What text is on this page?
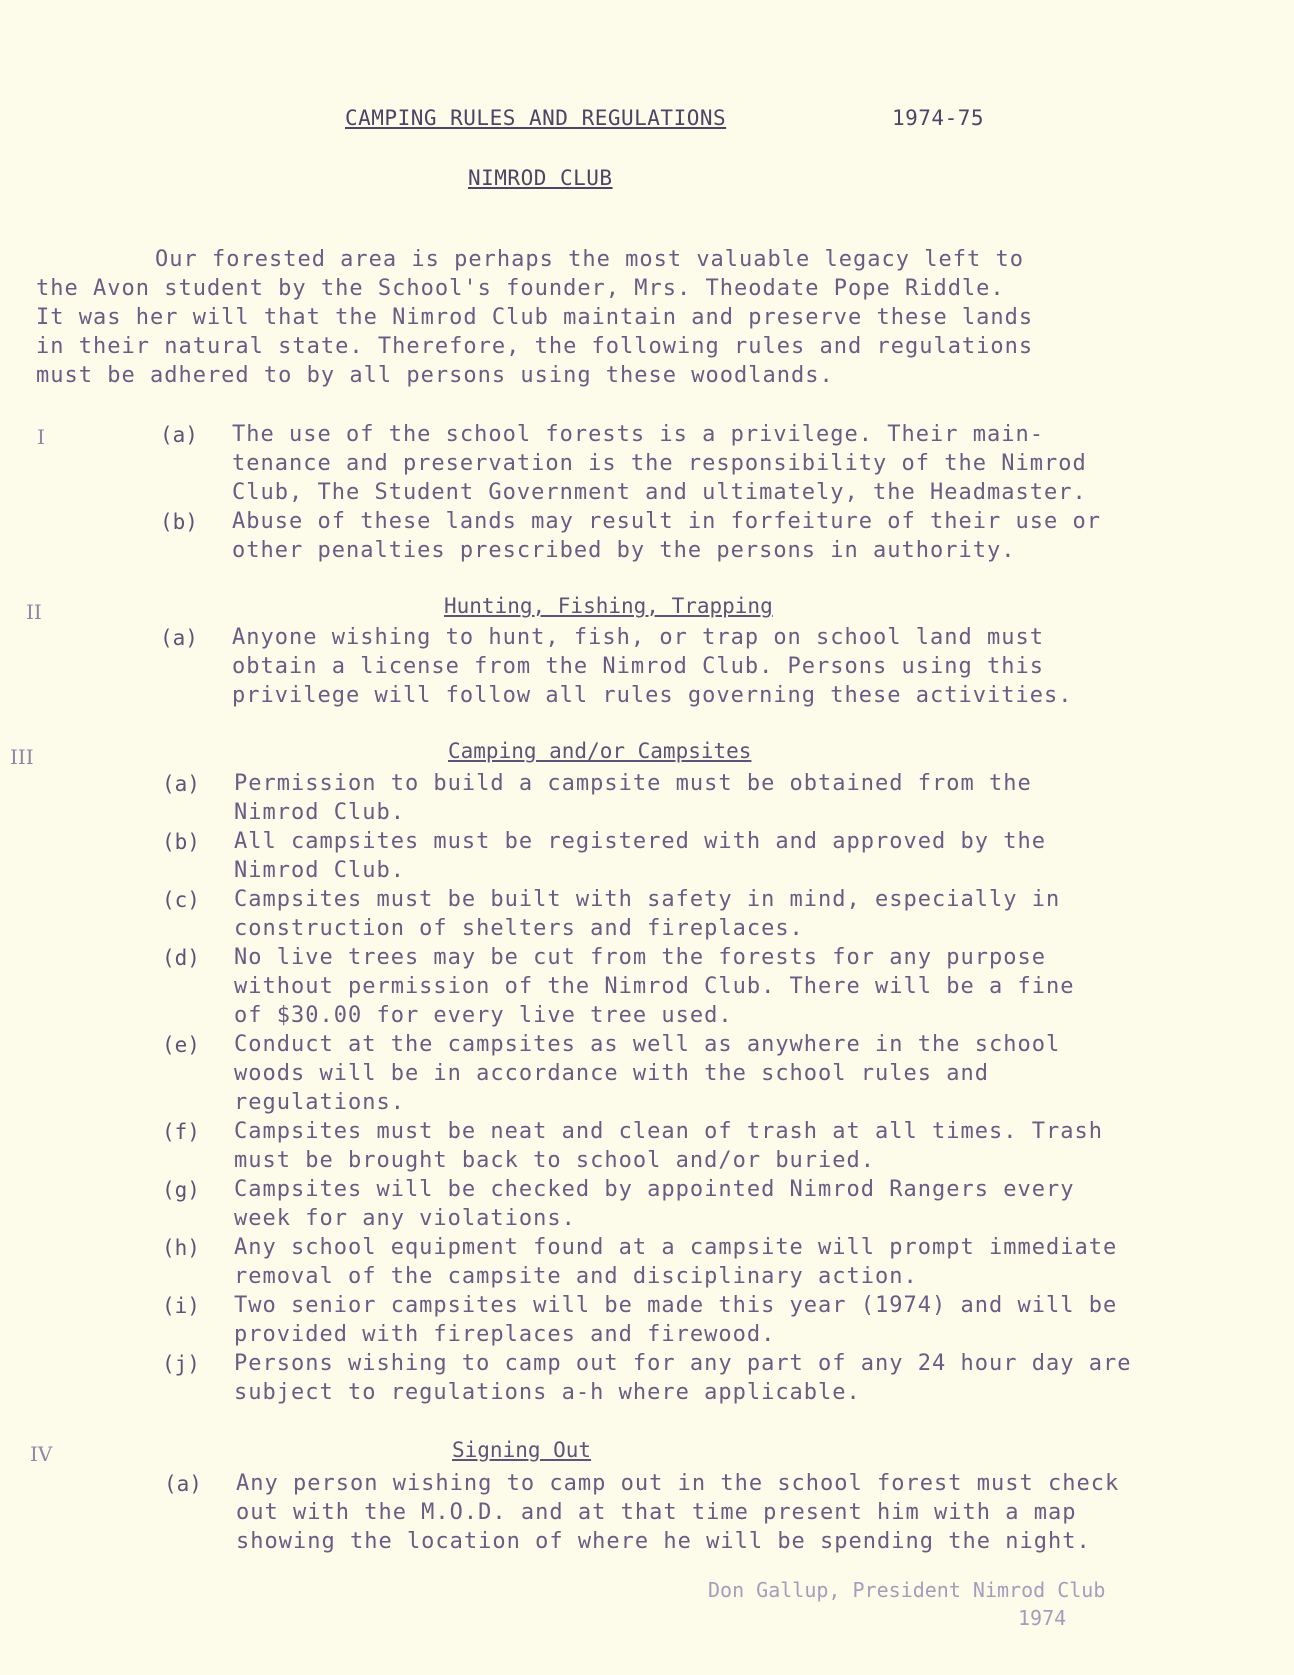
CAMPING RULES AND REGULATIONS	1974-75
NIMROD CLUB
Our forested area is perhaps the most valuable legacy left to
the Avon student by the School's founder, Mrs. Theodate Pope Riddle.
It was her will that the Nimrod Club maintain and preserve these lands
in their natural state. Therefore, the following rules and regulations
must be adhered to by all persons using these woodlands.
I	(a) The use of the school forests is a privilege. Their main-
tenance and preservation is the responsibility of the Nimrod
Club, The Student Government and ultimately, the Headmaster.
(b) Abuse of these lands may result in forfeiture of their use or
other penalties prescribed by the persons in authority.
II	Hunting, Fishing, Trapping
(a) Anyone wishing to hunt, fish, or trap on school land must
obtain a license from the Nimrod Club. Persons using this
privilege will follow all rules governing these activities.
III	Camping and/or Campsites
(a) Permission to build a campsite must be obtained from the
Nimrod Club.
(b) All campsites must be registered with and approved by the
Nimrod Club.
(c) Campsites must be built with safety in mind, especially in
construction of shelters and fireplaces.
(d) No live trees may be cut from the forests for any purpose
without permission of the Nimrod Club. There will be a fine
of $30.00 for every live tree used.
(e) Conduct at the campsites as well as anywhere in the school
woods will be in accordance with the school rules and
regulations.
(f) Campsites must be neat and clean of trash at all times. Trash
must be brought back to school and/or buried.
(g) Campsites will be checked by appointed Nimrod Rangers every
week for any violations.
(h) Any school equipment found at a campsite will prompt immediate
removal of the campsite and disciplinary action.
(i) Two senior campsites will be made this year (1974) and will be
provided with fireplaces and firewood.
(j) Persons wishing to camp out for any part of any 24 hour day are
subject to regulations a-h where applicable.
IV	Signing Out
(a) Any person wishing to camp out in the school forest must check
out with the M.O.D. and at that time present him with a map
showing the location of where he will be spending the night.
Don Gallup, President Nimrod Club
1974
